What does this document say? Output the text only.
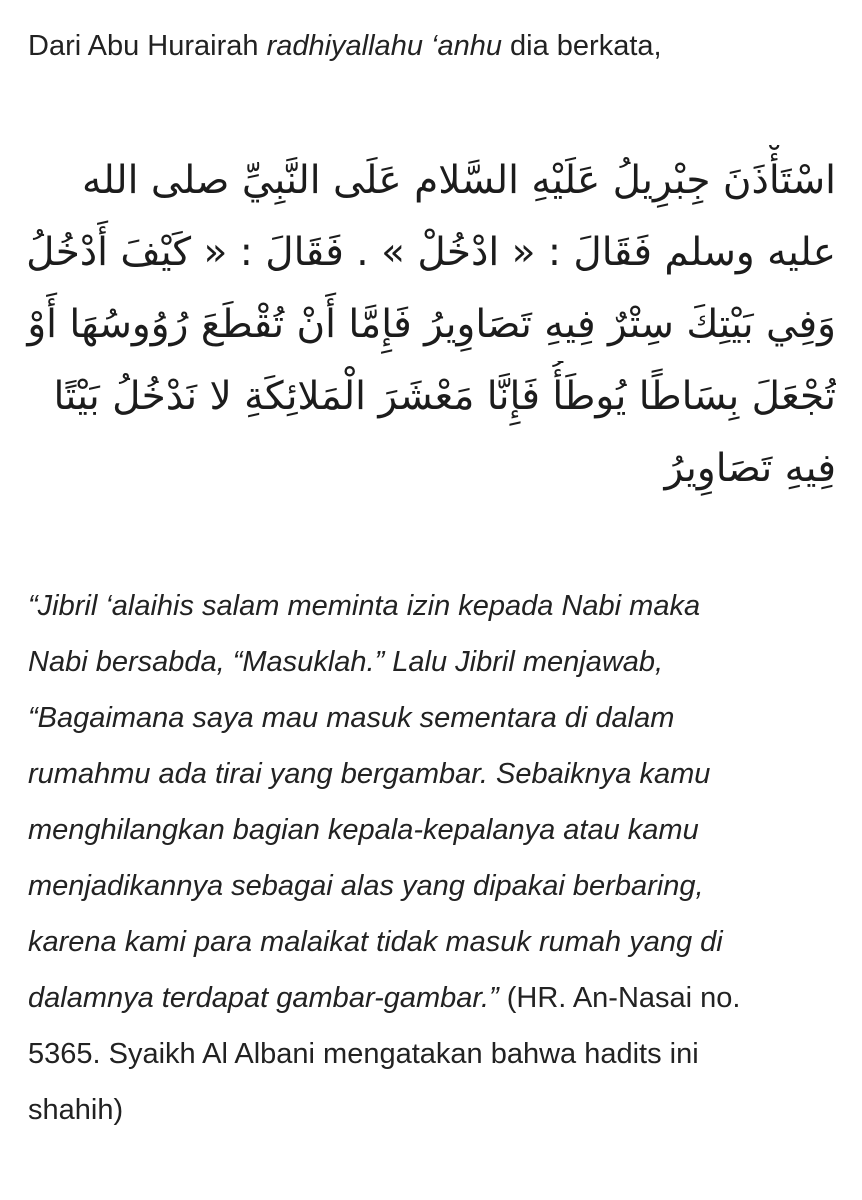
Dari Abu Hurairah radhiyallahu ‘anhu dia berkata,
اسْتَأْذَنَ جِبْرِيلُ عَلَيْهِ السَّلام عَلَى النَّبِيِّ صلى الله
عليه وسلم فَقَالَ : « ادْخُلْ » . فَقَالَ : « كَيْفَ أَدْخُلُ
وَفِي بَيْتِكَ سِتْرٌ فِيهِ تَصَاوِيرُ فَإِمَّا أَنْ تُقْطَعَ رُوُوسُهَا أَوْ
تُجْعَلَ بِسَاطًا يُوطَأُ فَإِنَّا مَعْشَرَ الْمَلائِكَةِ لا نَدْخُلُ بَيْتًا
فِيهِ تَصَاوِيرُ
“Jibril ‘alaihis salam meminta izin kepada Nabi maka
Nabi bersabda, “Masuklah.” Lalu Jibril menjawab,
“Bagaimana saya mau masuk sementara di dalam
rumahmu ada tirai yang bergambar. Sebaiknya kamu
menghilangkan bagian kepala-kepalanya atau kamu
menjadikannya sebagai alas yang dipakai berbaring,
karena kami para malaikat tidak masuk rumah yang di
dalamnya terdapat gambar-gambar.” (HR. An-Nasai no.
5365. Syaikh Al Albani mengatakan bahwa hadits ini
shahih)
